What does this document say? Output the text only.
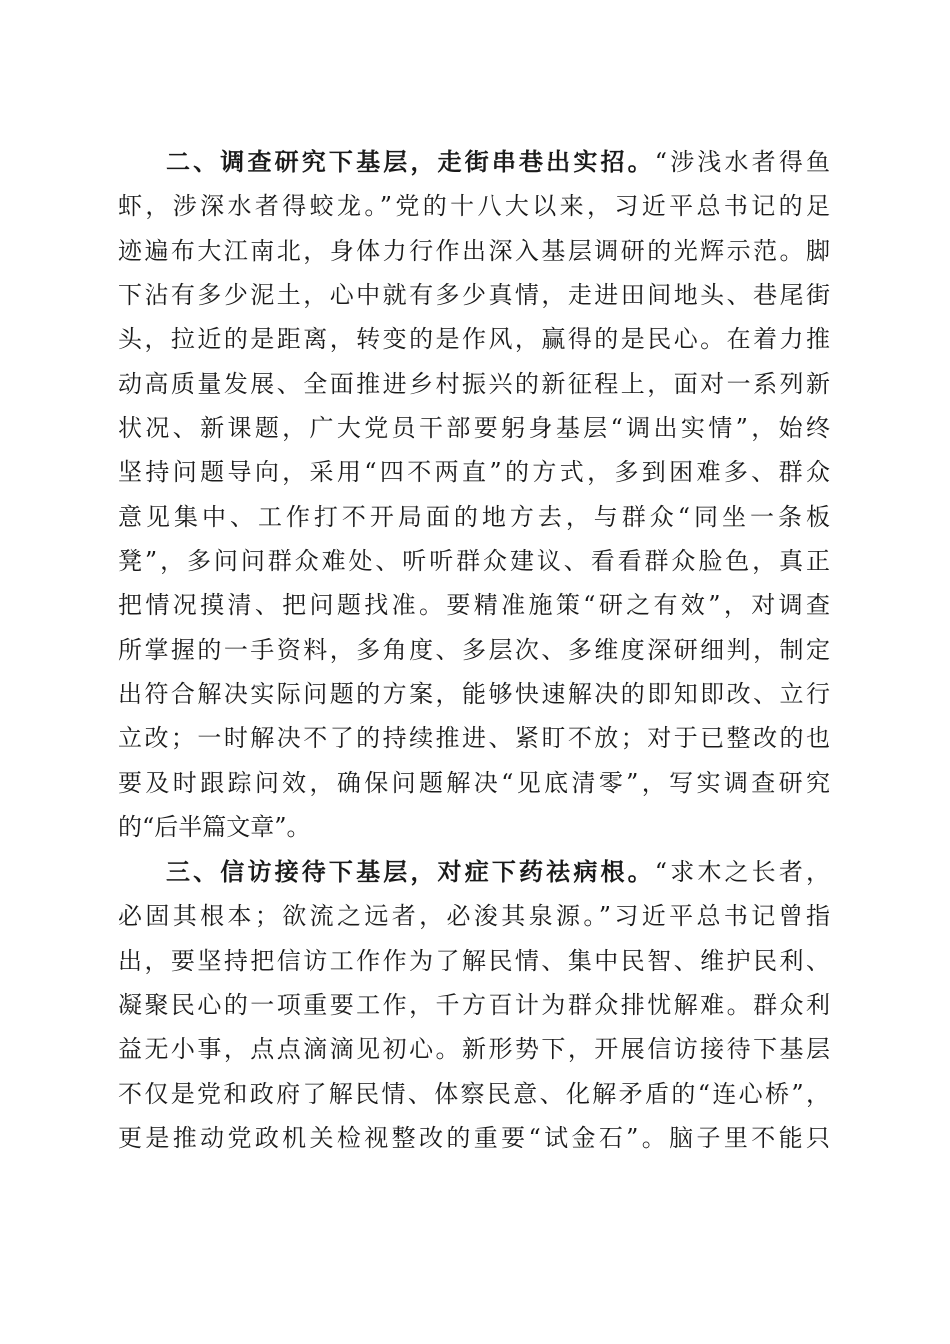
二、调查研究下基层，走街串巷出实招。“涉浅水者得鱼
虾，涉深水者得蛟龙。”党的十八大以来，习近平总书记的足
迹遍布大江南北，身体力行作出深入基层调研的光辉示范。脚
下沾有多少泥土，心中就有多少真情，走进田间地头、巷尾街
头，拉近的是距离，转变的是作风，赢得的是民心。在着力推
动高质量发展、全面推进乡村振兴的新征程上，面对一系列新
状况、新课题，广大党员干部要躬身基层“调出实情”，始终
坚持问题导向，采用“四不两直”的方式，多到困难多、群众
意见集中、工作打不开局面的地方去，与群众“同坐一条板
凳”，多问问群众难处、听听群众建议、看看群众脸色，真正
把情况摸清、把问题找准。要精准施策“研之有效”，对调查
所掌握的一手资料，多角度、多层次、多维度深研细判，制定
出符合解决实际问题的方案，能够快速解决的即知即改、立行
立改；一时解决不了的持续推进、紧盯不放；对于已整改的也
要及时跟踪问效，确保问题解决“见底清零”，写实调查研究
的“后半篇文章”。
三、信访接待下基层，对症下药祛病根。“求木之长者，
必固其根本；欲流之远者，必浚其泉源。”习近平总书记曾指
出，要坚持把信访工作作为了解民情、集中民智、维护民利、
凝聚民心的一项重要工作，千方百计为群众排忧解难。群众利
益无小事，点点滴滴见初心。新形势下，开展信访接待下基层
不仅是党和政府了解民情、体察民意、化解矛盾的“连心桥”，
更是推动党政机关检视整改的重要“试金石”。脑子里不能只
